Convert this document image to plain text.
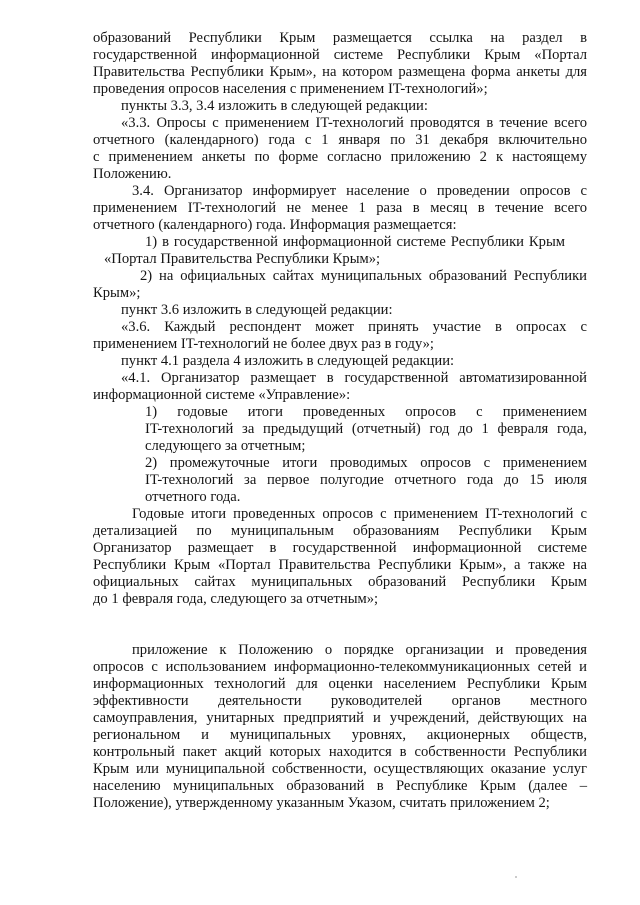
образований Республики Крым размещается ссылка на раздел в
государственной информационной системе Республики Крым «Портал
Правительства Республики Крым», на котором размещена форма анкеты для
проведения опросов населения с применением IT-технологий»;
пункты 3.3, 3.4 изложить в следующей редакции:
«3.3. Опросы с применением IT-технологий проводятся в течение всего
отчетного (календарного) года с 1 января по 31 декабря включительно
с применением анкеты по форме согласно приложению 2 к настоящему
Положению.
3.4. Организатор информирует население о проведении опросов с
применением IT-технологий не менее 1 раза в месяц в течение всего
отчетного (календарного) года. Информация размещается:
1) в государственной информационной системе Республики Крым
«Портал Правительства Республики Крым»;
2) на официальных сайтах муниципальных образований Республики
Крым»;
пункт 3.6 изложить в следующей редакции:
«3.6. Каждый респондент может принять участие в опросах с
применением IT-технологий не более двух раз в году»;
пункт 4.1 раздела 4 изложить в следующей редакции:
«4.1. Организатор размещает в государственной автоматизированной
информационной системе «Управление»:
1) годовые итоги проведенных опросов с применением
IT-технологий за предыдущий (отчетный) год до 1 февраля года,
следующего за отчетным;
2) промежуточные итоги проводимых опросов с применением
IT-технологий за первое полугодие отчетного года до 15 июля
отчетного года.
Годовые итоги проведенных опросов с применением IT-технологий с
детализацией по муниципальным образованиям Республики Крым
Организатор размещает в государственной информационной системе
Республики Крым «Портал Правительства Республики Крым», а также на
официальных сайтах муниципальных образований Республики Крым
до 1 февраля года, следующего за отчетным»;
приложение к Положению о порядке организации и проведения
опросов с использованием информационно-телекоммуникационных сетей и
информационных технологий для оценки населением Республики Крым
эффективности деятельности руководителей органов местного
самоуправления, унитарных предприятий и учреждений, действующих на
региональном и муниципальных уровнях, акционерных обществ,
контрольный пакет акций которых находится в собственности Республики
Крым или муниципальной собственности, осуществляющих оказание услуг
населению муниципальных образований в Республике Крым (далее –
Положение), утвержденному указанным Указом, считать приложением 2;
